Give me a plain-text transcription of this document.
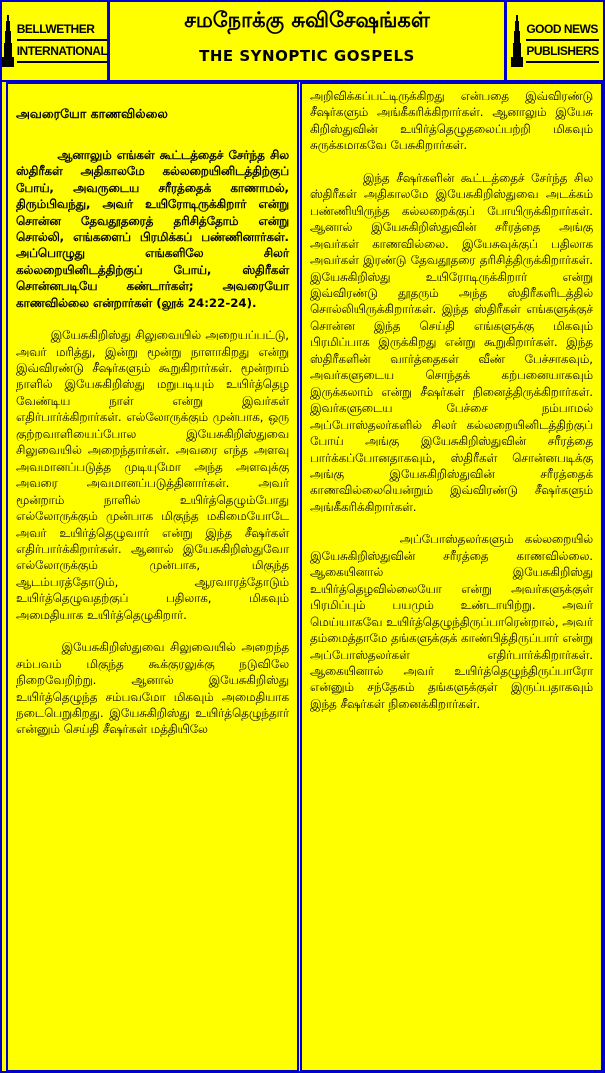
BELLWETHER
INTERNATIONAL
சமநோக்கு சுவிசேஷங்கள்
THE SYNOPTIC GOSPELS
GOOD NEWS
PUBLISHERS
அவரையோ காணவில்லை

ஆனாலும் எங்கள் கூட்டத்தைச் சேர்ந்த சில ஸ்திரீகள் அதிகாலமே கல்லறையினிடத்திற்குப் போய், அவருடைய சரீரத்தைக் காணாமல், திரும்பிவந்து, அவர் உயிரோடிருக்கிறார் என்று சொன்ன தேவதூதரைத் தரிசித்தோம் என்று சொல்லி, எங்களைப் பிரமிக்கப் பண்ணினார்கள். அப்பொழுது எங்களிலே சிலர் கல்லறையினிடத்திற்குப் போய், ஸ்திரீகள் சொன்னபடியே கண்டார்கள்; அவரையோ காணவில்லை என்றார்கள் (லூக் 24:22-24).

இயேசுகிறிஸ்து சிலுவையில் அறையப்பட்டு, அவர் மரித்து, இன்று மூன்று நாளாகிறது என்று இவ்விரண்டு சீஷர்களும் கூறுகிறார்கள். மூன்றாம் நாளில் இயேசுகிறிஸ்து மறுபடியும் உயிர்த்தெழ வேண்டிய நாள் என்று இவர்கள் எதிர்பார்க்கிறார்கள். எல்லோருக்கும் முன்பாக, ஒரு குற்றவாளியைப்போல இயேசுகிறிஸ்துவை சிலுவையில் அறைந்தார்கள். அவரை எந்த அளவு அவமானப்படுத்த முடியுமோ அந்த அளவுக்கு அவரை அவமானப்படுத்தினார்கள். அவர் மூன்றாம் நாளில் உயிர்த்தெழும்போது எல்லோருக்கும் முன்பாக மிகுந்த மகிமையோடே அவர் உயிர்த்தெழுவார் என்று இந்த சீஷர்கள் எதிர்பார்க்கிறார்கள். ஆனால் இயேசுகிறிஸ்துவோ எல்லோருக்கும் முன்பாக, மிகுந்த ஆடம்பரத்தோடும், ஆரவாரத்தோடும் உயிர்த்தெழுவதற்குப் பதிலாக, மிகவும் அமைதியாக உயிர்த்தெழுகிறார்.

இயேசுகிறிஸ்துவை சிலுவையில் அறைந்த சம்பவம் மிகுந்த கூக்குரலுக்கு நடுவிலே நிறைவேறிற்று. ஆனால் இயேசுகிறிஸ்து உயிர்த்தெழுந்த சம்பவமோ மிகவும் அமைதியாக நடைபெறுகிறது. இயேசுகிறிஸ்து உயிர்த்தெழுந்தார் என்னும் செய்தி சீஷர்கள் மத்தியிலே

அறிவிக்கப்பட்டிருக்கிறது என்பதை இவ்விரண்டு சீஷர்களும் அங்கீகரிக்கிறார்கள். ஆனாலும் இயேசு கிறிஸ்துவின் உயிர்த்தெழுதலைப்பற்றி மிகவும் சுருக்கமாகவே பேசுகிறார்கள்.

இந்த சீஷர்களின் கூட்டத்தைச் சேர்ந்த சில ஸ்திரீகள் அதிகாலமே இயேசுகிறிஸ்துவை அடக்கம் பண்ணியிருந்த கல்லறைக்குப் போயிருக்கிறார்கள். ஆனால் இயேசுகிறிஸ்துவின் சரீரத்தை அங்கு அவர்கள் காணவில்லை. இயேசுவுக்குப் பதிலாக அவர்கள் இரண்டு தேவதூதரை தரிசித்திருக்கிறார்கள். இயேசுகிறிஸ்து உயிரோடிருக்கிறார் என்று இவ்விரண்டு தூதரும் அந்த ஸ்திரீகளிடத்தில் சொல்லியிருக்கிறார்கள். இந்த ஸ்திரீகள் எங்களுக்குச் சொன்ன இந்த செய்தி எங்களுக்கு மிகவும் பிரமிப்பாக இருக்கிறது என்று கூறுகிறார்கள். இந்த ஸ்திரீகளின் வார்த்தைகள் வீண் பேச்சாகவும், அவர்களுடைய சொந்தக் கற்பனையாகவும் இருக்கலாம் என்று சீஷர்கள் நினைத்திருக்கிறார்கள். இவர்களுடைய பேச்சை நம்பாமல் அப்போஸ்தலர்களில் சிலர் கல்லறையினிடத்திற்குப் போய் அங்கு இயேசுகிறிஸ்துவின் சரீரத்தை பார்க்கப்போனதாகவும், ஸ்திரீகள் சொன்னபடிக்கு அங்கு இயேசுகிறிஸ்துவின் சரீரத்தைக் காணவில்லையென்றும் இவ்விரண்டு சீஷர்களும் அங்கீகரிக்கிறார்கள்.

அப்போஸ்தலர்களும் கல்லறையில் இயேசுகிறிஸ்துவின் சரீரத்தை காணவில்லை. ஆகையினால் இயேசுகிறிஸ்து உயிர்த்தெழவில்லையோ என்று அவர்களுக்குள் பிரமிப்பும் பயமும் உண்டாயிற்று. அவர் மெய்யாகவே உயிர்த்தெழுந்திருப்பாரென்றால், அவர் தம்மைத்தாமே தங்களுக்குக் காண்பித்திருப்பார் என்று அப்போஸ்தலர்கள் எதிர்பார்க்கிறார்கள். ஆகையினால் அவர் உயிர்த்தெழுந்திருப்பாரோ என்னும் சந்தேகம் தங்களுக்குள் இருப்பதாகவும் இந்த சீஷர்கள் நினைக்கிறார்கள்.
